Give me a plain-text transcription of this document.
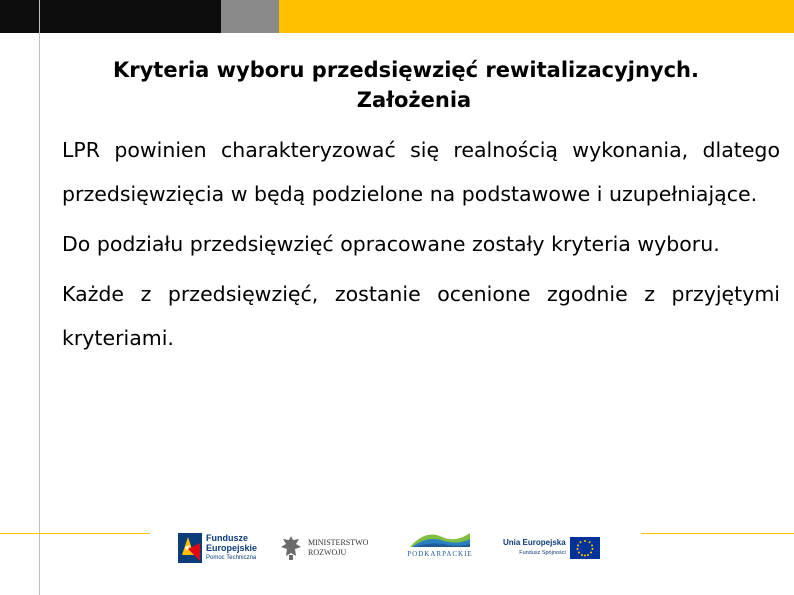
Kryteria wyboru przedsięwzięć rewitalizacyjnych.
Założenia

LPR powinien charakteryzować się realnością wykonania, dlatego przedsięwzięcia w będą podzielone na podstawowe i uzupełniające.

Do podziału przedsięwzięć opracowane zostały kryteria wyboru.

Każde z przedsięwzięć, zostanie ocenione zgodnie z przyjętymi kryteriami.

Fundusze
Europejskie
Pomoc Techniczna
MINISTERSTWO
ROZWOJU	PODKARPACKIE
Unia Europejska
Fundusz Spójności
